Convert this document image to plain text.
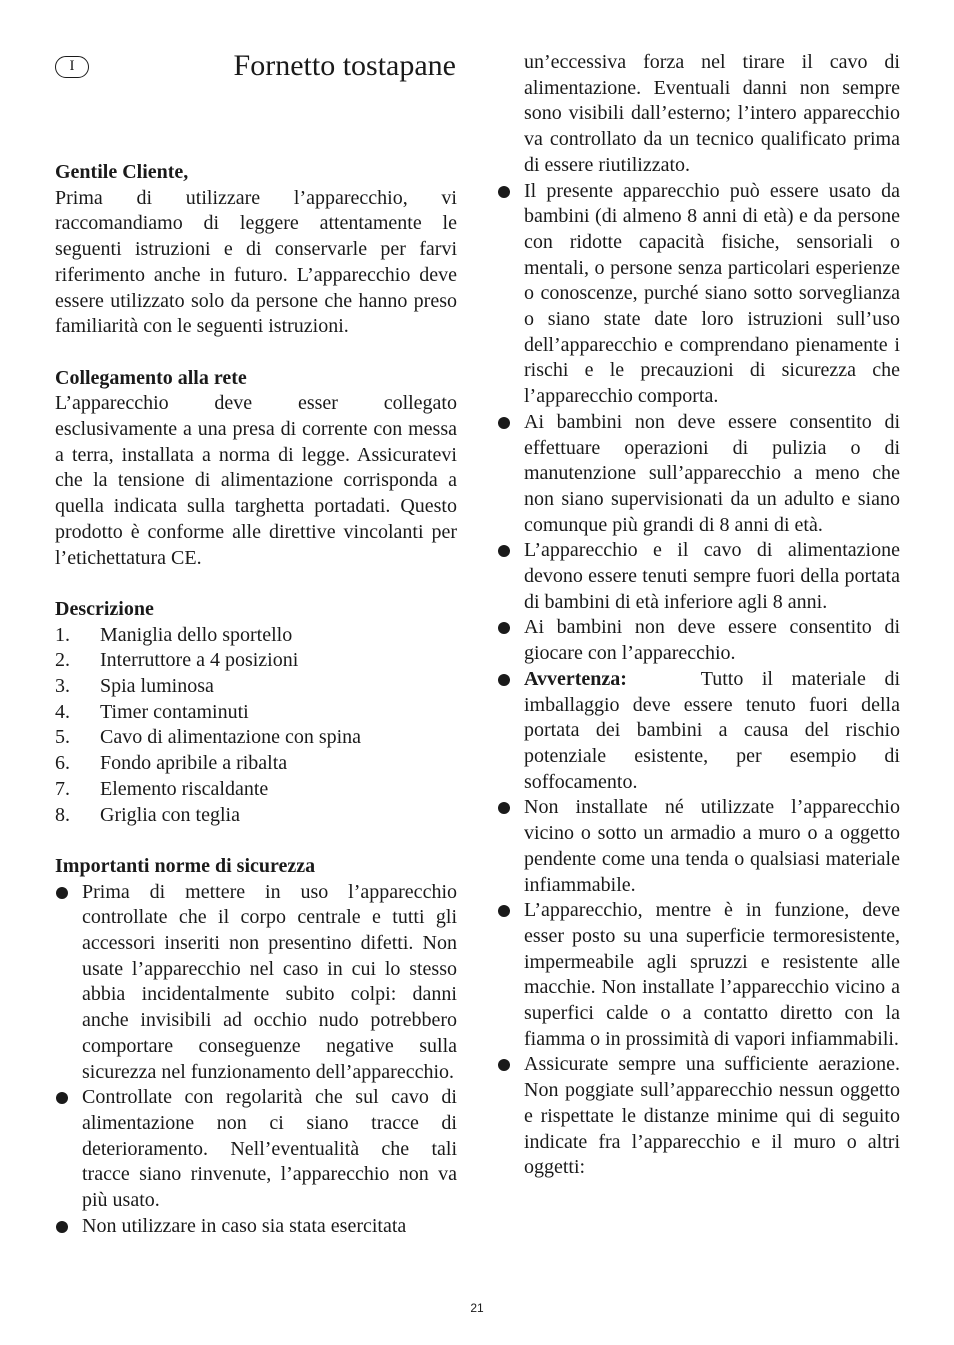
I	Fornetto tostapane

Gentile Cliente,

Prima di utilizzare l’apparecchio, vi raccomandiamo di leggere attentamente le seguenti istruzioni e di conservarle per farvi riferimento anche in futuro. L’apparecchio deve essere utilizzato solo da persone che hanno preso familiarità con le seguenti istruzioni.

Collegamento alla rete

L’apparecchio deve esser collegato esclusivamente a una presa di corrente con messa a terra, installata a norma di legge. Assicuratevi che la tensione di alimentazione corrisponda a quella indicata sulla targhetta portadati. Questo prodotto è conforme alle direttive vincolanti per l’etichettatura CE.

Descrizione

1.	Maniglia dello sportello
2.	Interruttore a 4 posizioni
3.	Spia luminosa
4.	Timer contaminuti
5.	Cavo di alimentazione con spina
6.	Fondo apribile a ribalta
7.	Elemento riscaldante
8.	Griglia con teglia

Importanti norme di sicurezza

Prima di mettere in uso l’apparecchio controllate che il corpo centrale e tutti gli accessori inseriti non presentino difetti. Non usate l’apparecchio nel caso in cui lo stesso abbia incidentalmente subito colpi: danni anche invisibili ad occhio nudo potrebbero comportare conseguenze negative sulla sicurezza nel funzionamento dell’apparecchio.
Controllate con regolarità che sul cavo di alimentazione non ci siano tracce di deterioramento. Nell’eventualità che tali tracce siano rinvenute, l’apparecchio non va più usato.
Non utilizzare in caso sia stata esercitata

un’eccessiva forza nel tirare il cavo di alimentazione. Eventuali danni non sempre sono visibili dall’esterno; l’intero apparecchio va controllato da un tecnico qualificato prima di essere riutilizzato.

Il presente apparecchio può essere usato da bambini (di almeno 8 anni di età) e da persone con ridotte capacità fisiche, sensoriali o mentali, o persone senza particolari esperienze o conoscenze, purché siano sotto sorveglianza o siano state date loro istruzioni sull’uso dell’apparecchio e comprendano pienamente i rischi e le precauzioni di sicurezza che l’apparecchio comporta.
Ai bambini non deve essere consentito di effettuare operazioni di pulizia o di manutenzione sull’apparecchio a meno che non siano supervisionati da un adulto e siano comunque più grandi di 8 anni di età.
L’apparecchio e il cavo di alimentazione devono essere tenuti sempre fuori della portata di bambini di età inferiore agli 8 anni.
Ai bambini non deve essere consentito di giocare con l’apparecchio.
Avvertenza:	Tutto il materiale di imballaggio deve essere tenuto fuori della portata dei bambini a causa del rischio potenziale esistente, per esempio di soffocamento.
Non installate né utilizzate l’apparecchio vicino o sotto un armadio a muro o a oggetto pendente come una tenda o qualsiasi materiale infiammabile.
L’apparecchio, mentre è in funzione, deve esser posto su una superficie termoresistente, impermeabile agli spruzzi e resistente alle macchie. Non installate l’apparecchio vicino a superfici calde o a contatto diretto con la fiamma o in prossimità di vapori infiammabili.
Assicurate sempre una sufficiente aerazione. Non poggiate sull’apparecchio nessun oggetto e rispettate le distanze minime qui di seguito indicate fra l’apparecchio e il muro o altri oggetti:
21
